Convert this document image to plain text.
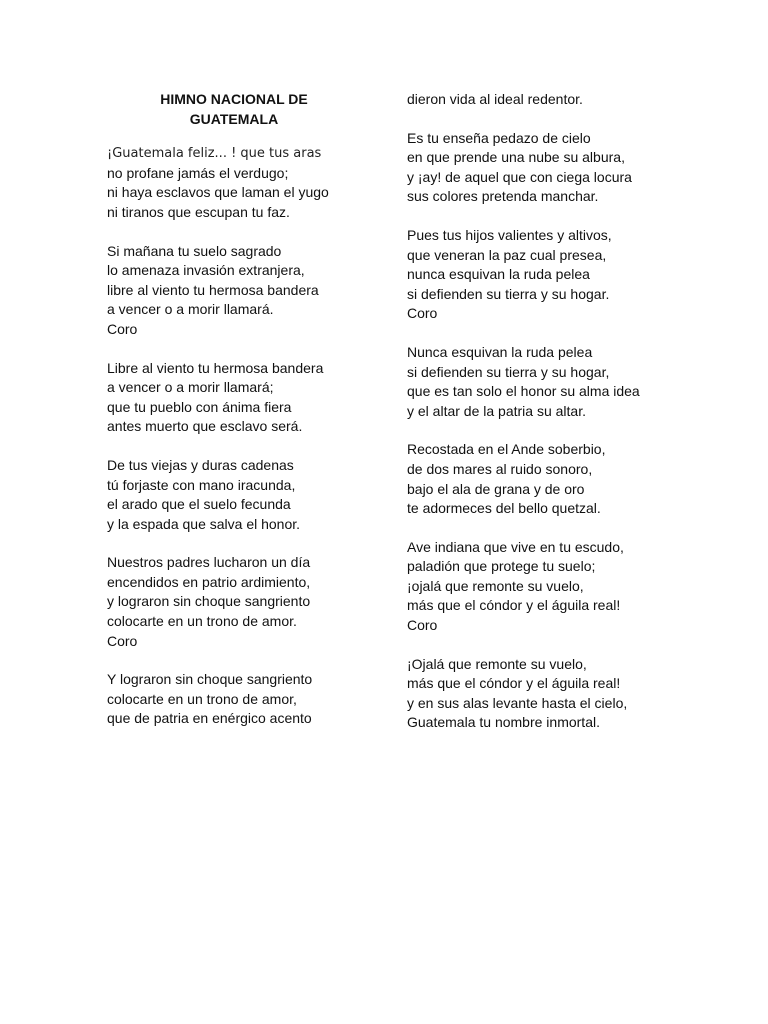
HIMNO NACIONAL DE
GUATEMALA
¡Guatemala feliz... ! que tus aras
no profane jamás el verdugo;
ni haya esclavos que laman el yugo
ni tiranos que escupan tu faz.
Si mañana tu suelo sagrado
lo amenaza invasión extranjera,
libre al viento tu hermosa bandera
a vencer o a morir llamará.
Coro
Libre al viento tu hermosa bandera
a vencer o a morir llamará;
que tu pueblo con ánima fiera
antes muerto que esclavo será.
De tus viejas y duras cadenas
tú forjaste con mano iracunda,
el arado que el suelo fecunda
y la espada que salva el honor.
Nuestros padres lucharon un día
encendidos en patrio ardimiento,
y lograron sin choque sangriento
colocarte en un trono de amor.
Coro
Y lograron sin choque sangriento
colocarte en un trono de amor,
que de patria en enérgico acento
dieron vida al ideal redentor.
Es tu enseña pedazo de cielo
en que prende una nube su albura,
y ¡ay! de aquel que con ciega locura
sus colores pretenda manchar.
Pues tus hijos valientes y altivos,
que veneran la paz cual presea,
nunca esquivan la ruda pelea
si defienden su tierra y su hogar.
Coro
Nunca esquivan la ruda pelea
si defienden su tierra y su hogar,
que es tan solo el honor su alma idea
y el altar de la patria su altar.
Recostada en el Ande soberbio,
de dos mares al ruido sonoro,
bajo el ala de grana y de oro
te adormeces del bello quetzal.
Ave indiana que vive en tu escudo,
paladión que protege tu suelo;
¡ojalá que remonte su vuelo,
más que el cóndor y el águila real!
Coro
¡Ojalá que remonte su vuelo,
más que el cóndor y el águila real!
y en sus alas levante hasta el cielo,
Guatemala tu nombre inmortal.
